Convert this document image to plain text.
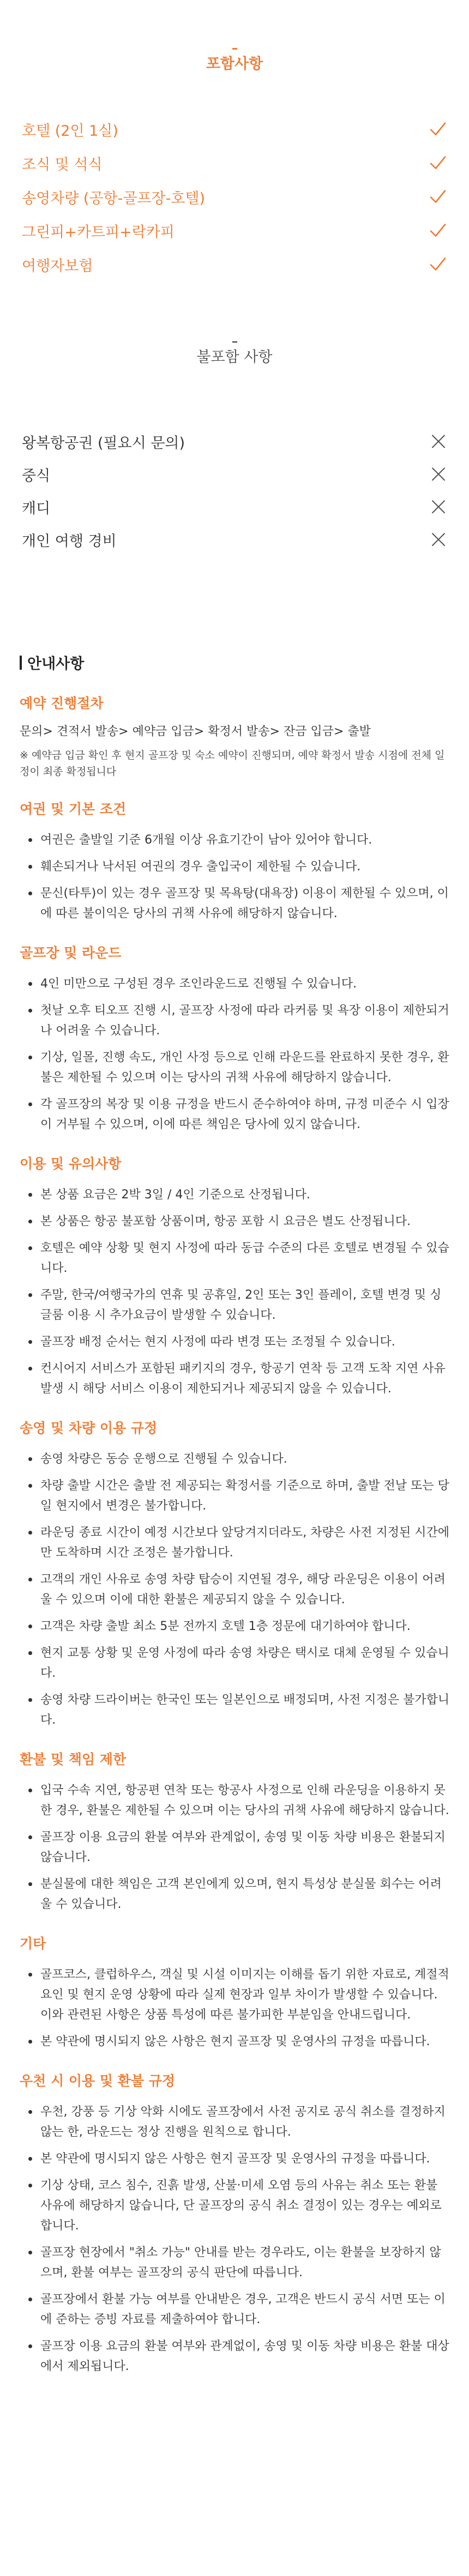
포함사항
호텔 (2인 1실)
조식 및 석식
송영차량 (공항-골프장-호텔)
그린피+카트피+락카피
여행자보험
불포함 사항
왕복항공권 (필요시 문의)
중식
캐디
개인 여행 경비
안내사항
예약 진행절차
문의> 견적서 발송> 예약금 입금> 확정서 발송> 잔금 입금> 출발
※ 예약금 입금 확인 후 현지 골프장 및 숙소 예약이 진행되며, 예약 확정서 발송 시점에 전체 일정이 최종 확정됩니다
여권 및 기본 조건
여권은 출발일 기준 6개월 이상 유효기간이 남아 있어야 합니다.
훼손되거나 낙서된 여권의 경우 출입국이 제한될 수 있습니다.
문신(타투)이 있는 경우 골프장 및 목욕탕(대욕장) 이용이 제한될 수 있으며, 이에 따른 불이익은 당사의 귀책 사유에 해당하지 않습니다.
골프장 및 라운드
4인 미만으로 구성된 경우 조인라운드로 진행될 수 있습니다.
첫날 오후 티오프 진행 시, 골프장 사정에 따라 라커룸 및 욕장 이용이 제한되거나 어려울 수 있습니다.
기상, 일몰, 진행 속도, 개인 사정 등으로 인해 라운드를 완료하지 못한 경우, 환불은 제한될 수 있으며 이는 당사의 귀책 사유에 해당하지 않습니다.
각 골프장의 복장 및 이용 규정을 반드시 준수하여야 하며, 규정 미준수 시 입장이 거부될 수 있으며, 이에 따른 책임은 당사에 있지 않습니다.
이용 및 유의사항
본 상품 요금은 2박 3일 / 4인 기준으로 산정됩니다.
본 상품은 항공 불포함 상품이며, 항공 포함 시 요금은 별도 산정됩니다.
호텔은 예약 상황 및 현지 사정에 따라 동급 수준의 다른 호텔로 변경될 수 있습니다.
주말, 한국/여행국가의 연휴 및 공휴일, 2인 또는 3인 플레이, 호텔 변경 및 싱글룸 이용 시 추가요금이 발생할 수 있습니다.
골프장 배정 순서는 현지 사정에 따라 변경 또는 조정될 수 있습니다.
컨시어지 서비스가 포함된 패키지의 경우, 항공기 연착 등 고객 도착 지연 사유 발생 시 해당 서비스 이용이 제한되거나 제공되지 않을 수 있습니다.
송영 및 차량 이용 규정
송영 차량은 동승 운행으로 진행될 수 있습니다.
차량 출발 시간은 출발 전 제공되는 확정서를 기준으로 하며, 출발 전날 또는 당일 현지에서 변경은 불가합니다.
라운딩 종료 시간이 예정 시간보다 앞당겨지더라도, 차량은 사전 지정된 시간에만 도착하며 시간 조정은 불가합니다.
고객의 개인 사유로 송영 차량 탑승이 지연될 경우, 해당 라운딩은 이용이 어려울 수 있으며 이에 대한 환불은 제공되지 않을 수 있습니다.
고객은 차량 출발 최소 5분 전까지 호텔 1층 정문에 대기하여야 합니다.
현지 교통 상황 및 운영 사정에 따라 송영 차량은 택시로 대체 운영될 수 있습니다.
송영 차량 드라이버는 한국인 또는 일본인으로 배정되며, 사전 지정은 불가합니다.
환불 및 책임 제한
입국 수속 지연, 항공편 연착 또는 항공사 사정으로 인해 라운딩을 이용하지 못한 경우, 환불은 제한될 수 있으며 이는 당사의 귀책 사유에 해당하지 않습니다.
골프장 이용 요금의 환불 여부와 관계없이, 송영 및 이동 차량 비용은 환불되지 않습니다.
분실물에 대한 책임은 고객 본인에게 있으며, 현지 특성상 분실물 회수는 어려울 수 있습니다.
기타
골프코스, 클럽하우스, 객실 및 시설 이미지는 이해를 돕기 위한 자료로, 계절적 요인 및 현지 운영 상황에 따라 실제 현장과 일부 차이가 발생할 수 있습니다. 이와 관련된 사항은 상품 특성에 따른 불가피한 부분임을 안내드립니다.
본 약관에 명시되지 않은 사항은 현지 골프장 및 운영사의 규정을 따릅니다.
우천 시 이용 및 환불 규정
우천, 강풍 등 기상 악화 시에도 골프장에서 사전 공지로 공식 취소를 결정하지 않는 한, 라운드는 정상 진행을 원칙으로 합니다.
본 약관에 명시되지 않은 사항은 현지 골프장 및 운영사의 규정을 따릅니다.
기상 상태, 코스 침수, 진흙 발생, 산불·미세 오염 등의 사유는 취소 또는 환불 사유에 해당하지 않습니다, 단 골프장의 공식 취소 결정이 있는 경우는 예외로 합니다.
골프장 현장에서 "취소 가능" 안내를 받는 경우라도, 이는 환불을 보장하지 않으며, 환불 여부는 골프장의 공식 판단에 따릅니다.
골프장에서 환불 가능 여부를 안내받은 경우, 고객은 반드시 공식 서면 또는 이에 준하는 증빙 자료를 제출하여야 합니다.
골프장 이용 요금의 환불 여부와 관계없이, 송영 및 이동 차량 비용은 환불 대상에서 제외됩니다.
